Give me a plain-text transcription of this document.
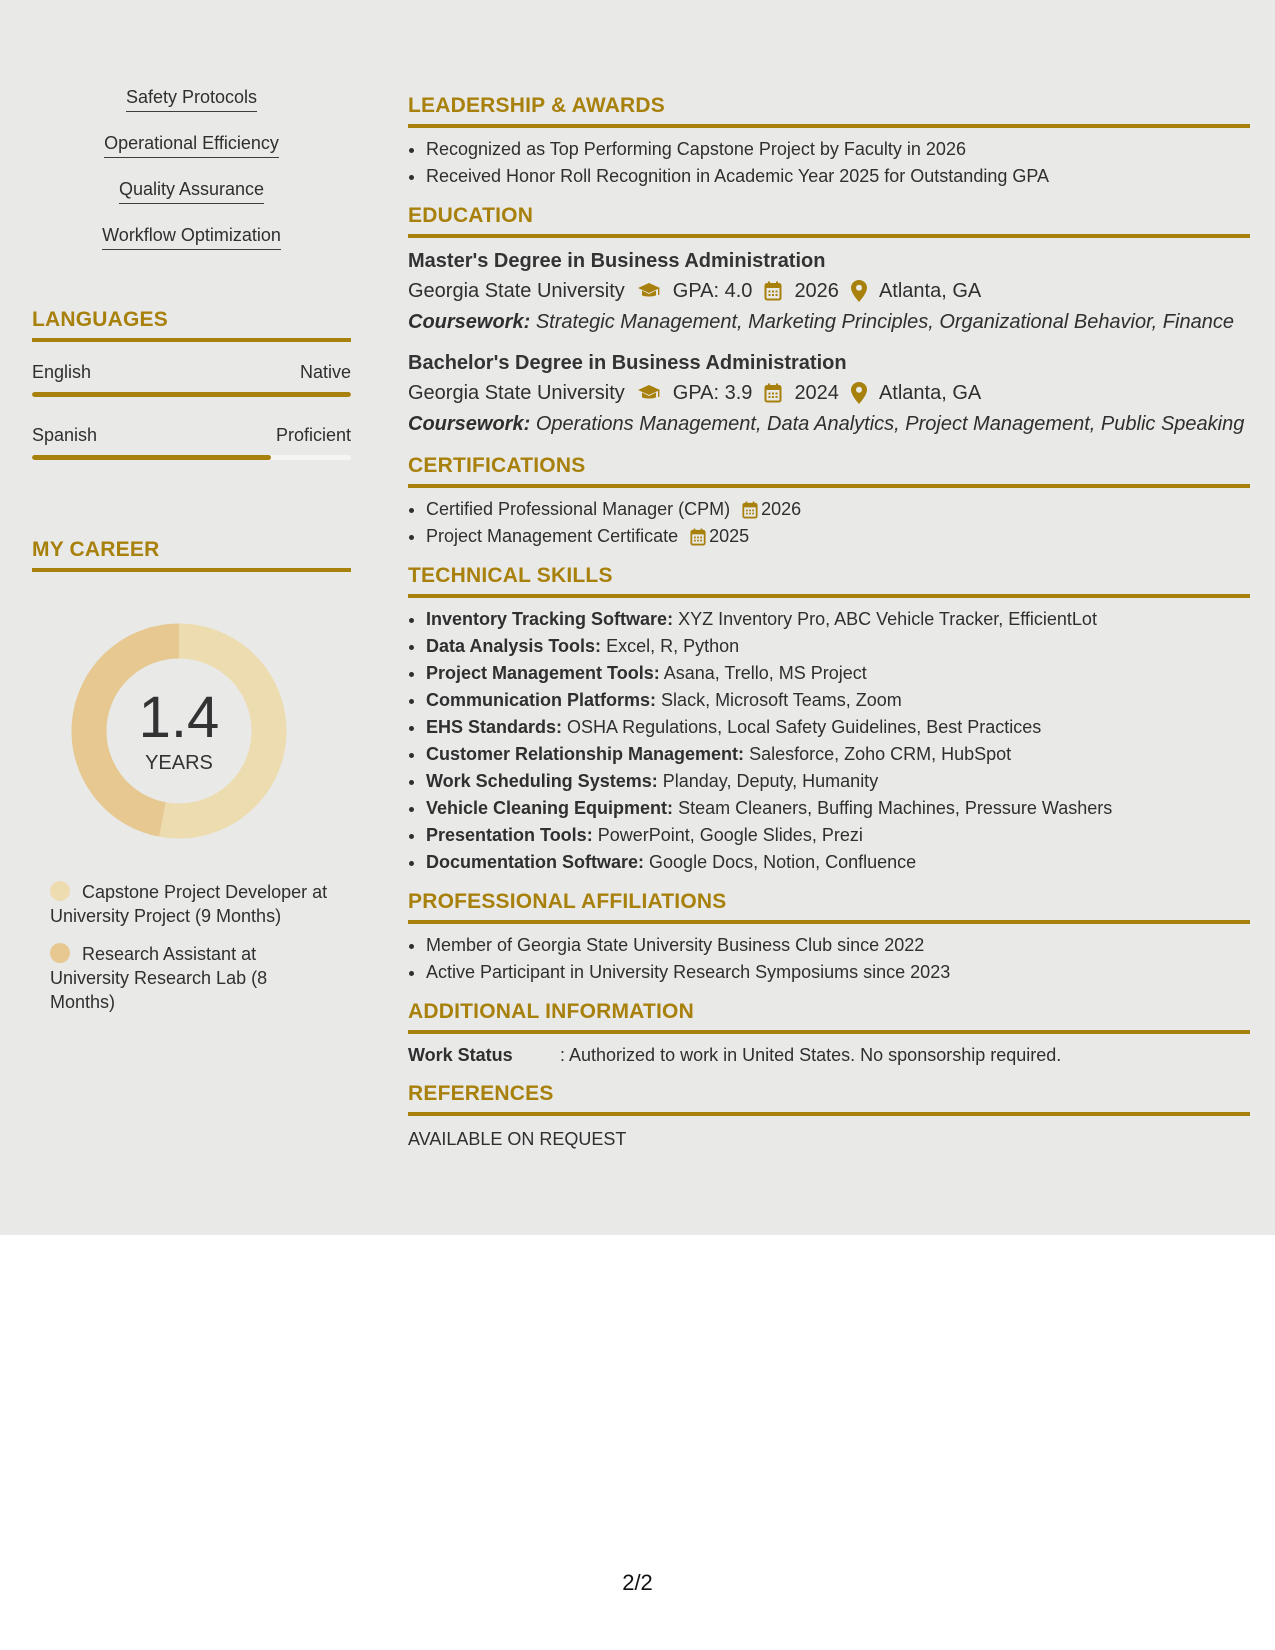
Safety Protocols
Operational Efficiency
Quality Assurance
Workflow Optimization
LANGUAGES
English	Native
Spanish	Proficient
MY CAREER
1.4
YEARS
Capstone Project Developer at University Project (9 Months)
Research Assistant at University Research Lab (8 Months)
LEADERSHIP & AWARDS
• Recognized as Top Performing Capstone Project by Faculty in 2026
• Received Honor Roll Recognition in Academic Year 2025 for Outstanding GPA
EDUCATION
Master's Degree in Business Administration
Georgia State University GPA: 4.0 2026 Atlanta, GA
Coursework: Strategic Management, Marketing Principles, Organizational Behavior, Finance
Bachelor's Degree in Business Administration
Georgia State University GPA: 3.9 2024 Atlanta, GA
Coursework: Operations Management, Data Analytics, Project Management, Public Speaking
CERTIFICATIONS
• Certified Professional Manager (CPM) 2026
• Project Management Certificate 2025
TECHNICAL SKILLS
• Inventory Tracking Software: XYZ Inventory Pro, ABC Vehicle Tracker, EfficientLot
• Data Analysis Tools: Excel, R, Python
• Project Management Tools: Asana, Trello, MS Project
• Communication Platforms: Slack, Microsoft Teams, Zoom
• EHS Standards: OSHA Regulations, Local Safety Guidelines, Best Practices
• Customer Relationship Management: Salesforce, Zoho CRM, HubSpot
• Work Scheduling Systems: Planday, Deputy, Humanity
• Vehicle Cleaning Equipment: Steam Cleaners, Buffing Machines, Pressure Washers
• Presentation Tools: PowerPoint, Google Slides, Prezi
• Documentation Software: Google Docs, Notion, Confluence
PROFESSIONAL AFFILIATIONS
• Member of Georgia State University Business Club since 2022
• Active Participant in University Research Symposiums since 2023
ADDITIONAL INFORMATION
Work Status	: Authorized to work in United States. No sponsorship required.
REFERENCES
AVAILABLE ON REQUEST
2/2
